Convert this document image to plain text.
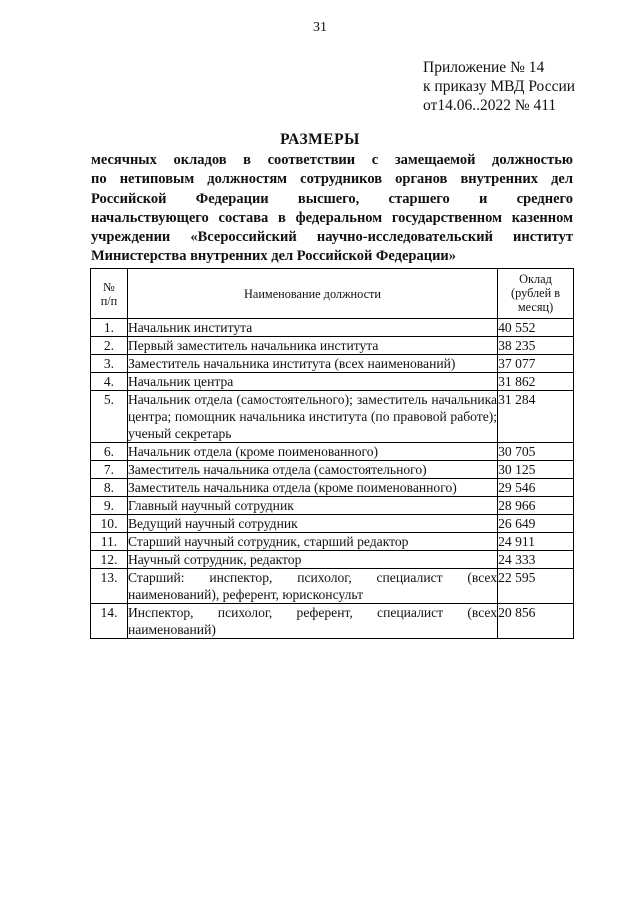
31
Приложение № 14
к приказу МВД России
от14.06..2022 № 411
РАЗМЕРЫ
месячных окладов в соответствии с замещаемой должностью
по нетиповым должностям сотрудников органов внутренних дел
Российской Федерации высшего, старшего и среднего
начальствующего состава в федеральном государственном казенном
учреждении «Всероссийский научно-исследовательский институт
Министерства внутренних дел Российской Федерации»
№ п/п	Наименование должности	Оклад (рублей в месяц)
1.	Начальник института	40 552
2.	Первый заместитель начальника института	38 235
3.	Заместитель начальника института (всех наименований)	37 077
4.	Начальник центра	31 862
5.	Начальник отдела (самостоятельного); заместитель начальника центра; помощник начальника института (по правовой работе); ученый секретарь	31 284
6.	Начальник отдела (кроме поименованного)	30 705
7.	Заместитель начальника отдела (самостоятельного)	30 125
8.	Заместитель начальника отдела (кроме поименованного)	29 546
9.	Главный научный сотрудник	28 966
10.	Ведущий научный сотрудник	26 649
11.	Старший научный сотрудник, старший редактор	24 911
12.	Научный сотрудник, редактор	24 333
13.	Старший: инспектор, психолог, специалист (всех наименований), референт, юрисконсульт	22 595
14.	Инспектор, психолог, референт, специалист (всех наименований)	20 856
